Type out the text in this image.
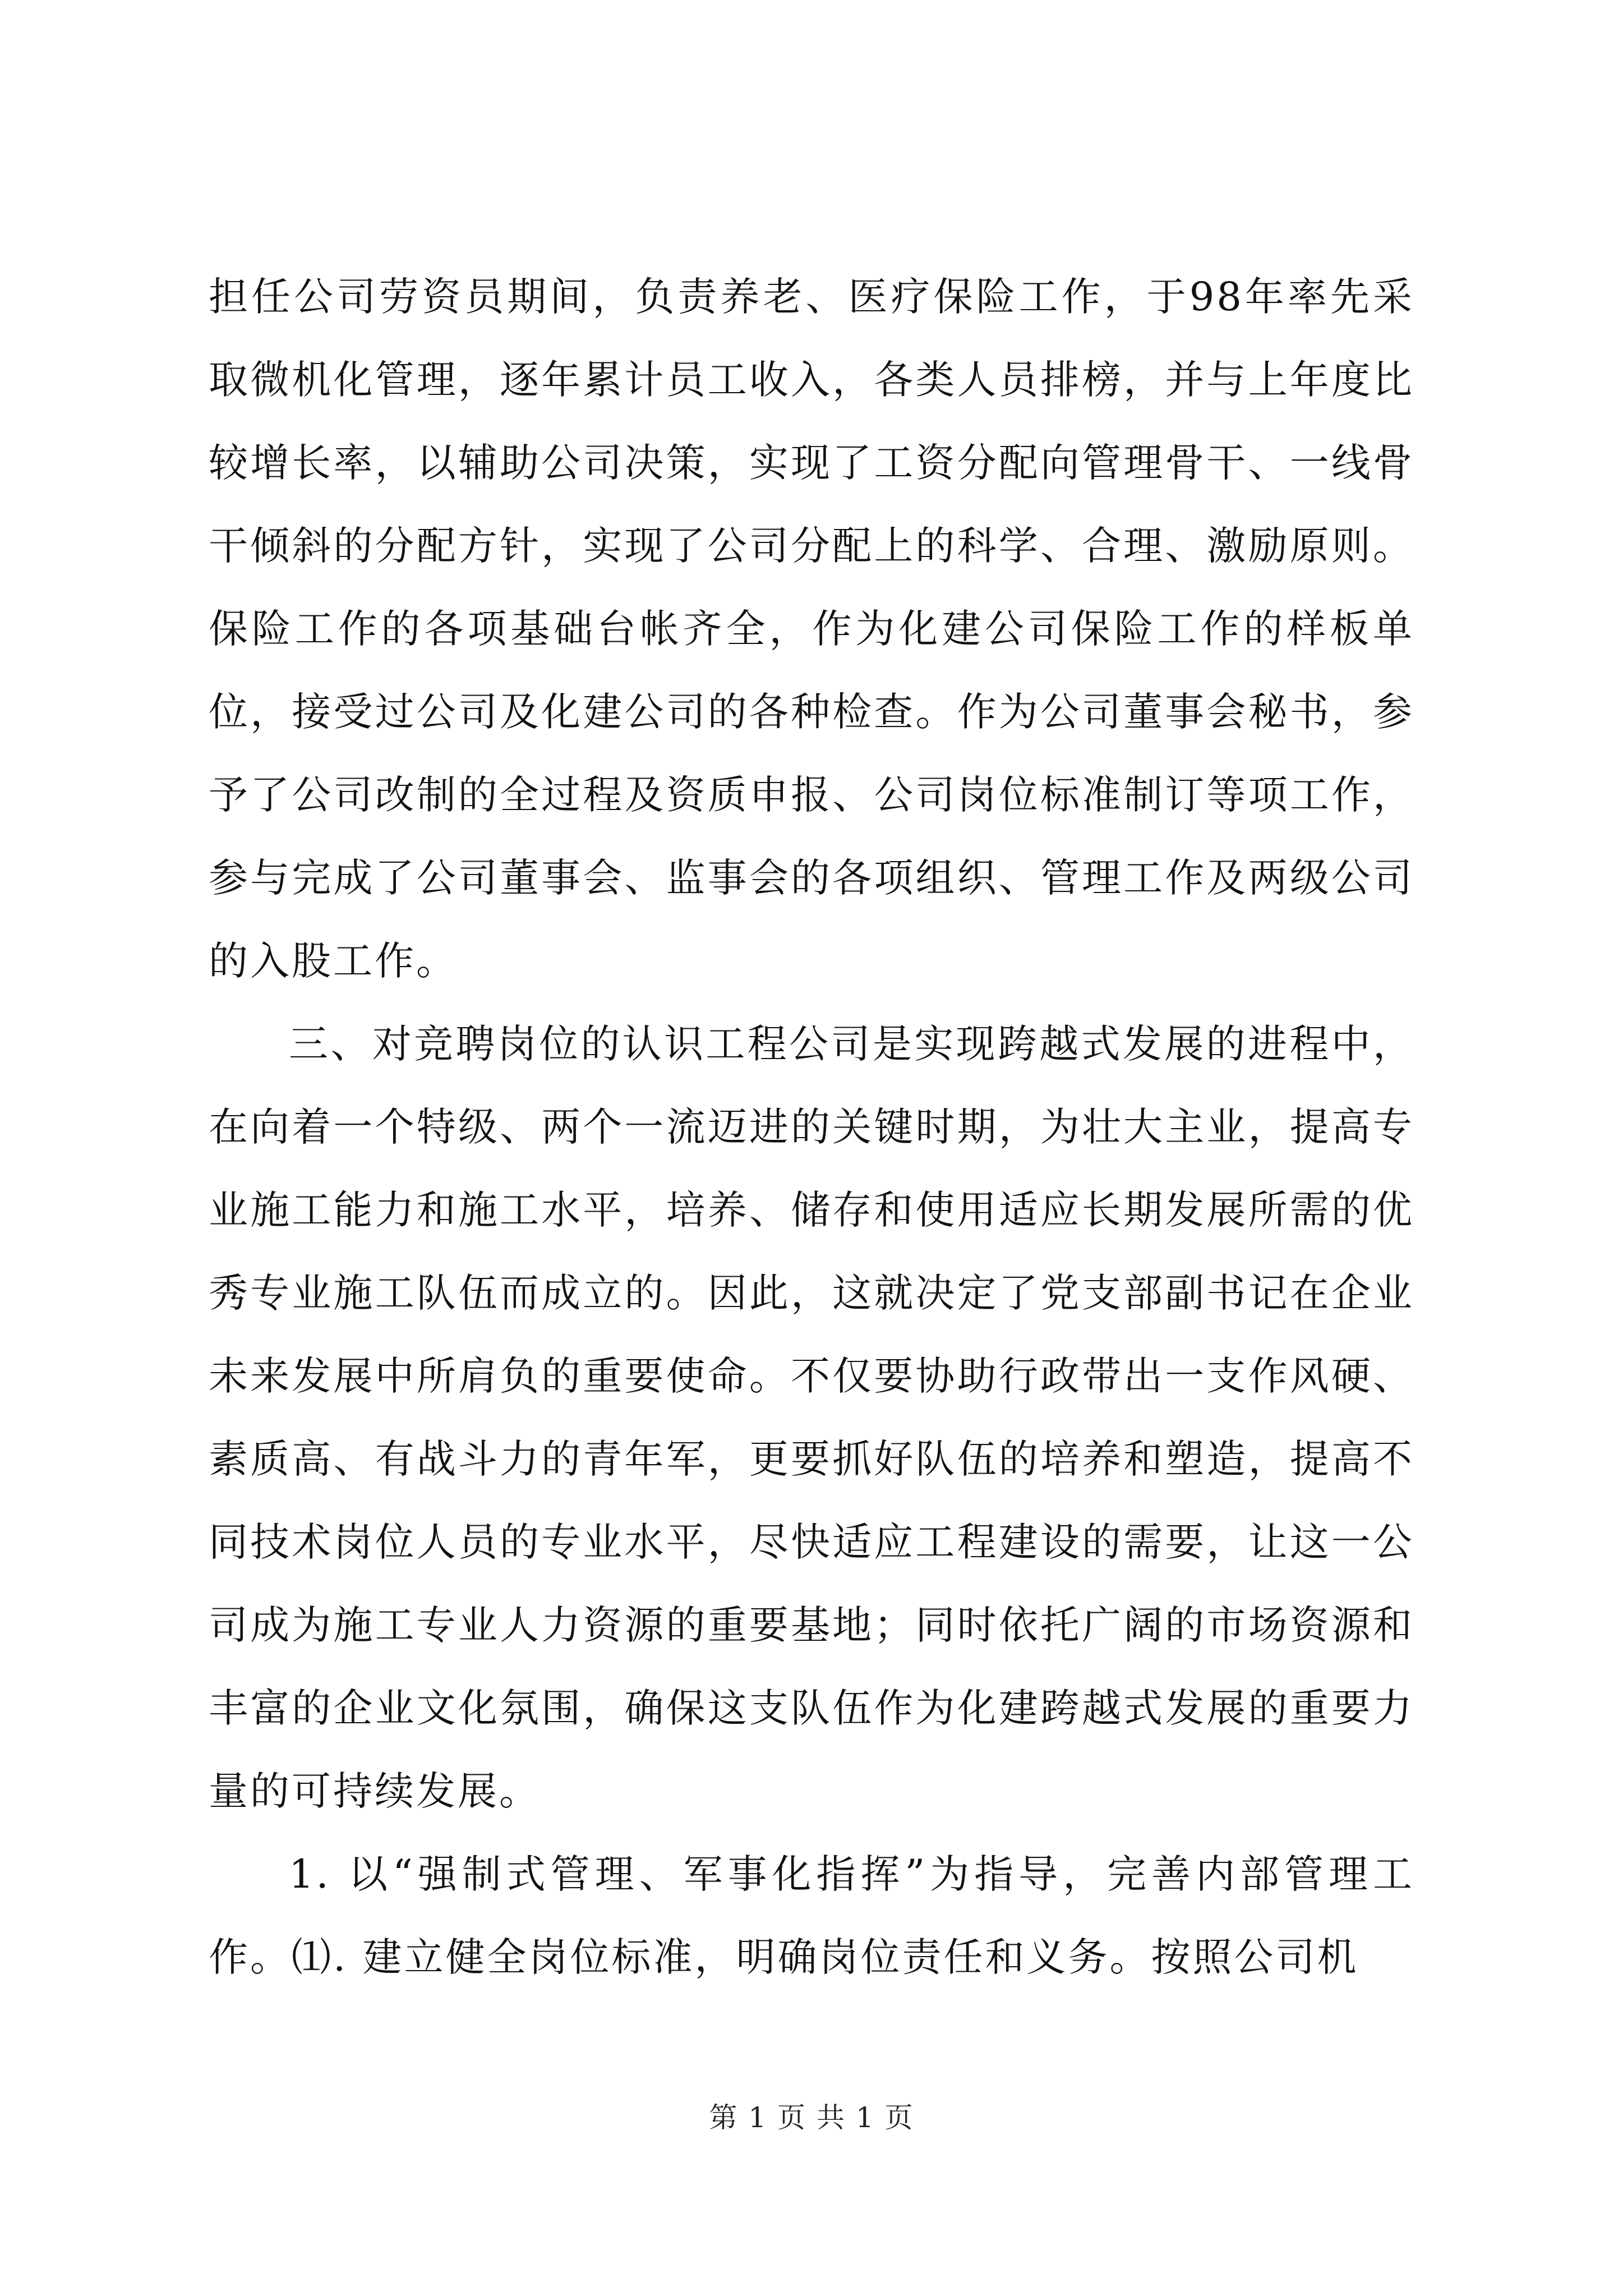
担任公司劳资员期间，负责养老、医疗保险工作，于98年率先采取微机化管理，逐年累计员工收入，各类人员排榜，并与上年度比较增长率，以辅助公司决策，实现了工资分配向管理骨干、一线骨干倾斜的分配方针，实现了公司分配上的科学、合理、激励原则。保险工作的各项基础台帐齐全，作为化建公司保险工作的样板单位，接受过公司及化建公司的各种检查。作为公司董事会秘书，参予了公司改制的全过程及资质申报、公司岗位标准制订等项工作，参与完成了公司董事会、监事会的各项组织、管理工作及两级公司的入股工作。

三、对竞聘岗位的认识工程公司是实现跨越式发展的进程中，在向着一个特级、两个一流迈进的关键时期，为壮大主业，提高专业施工能力和施工水平，培养、储存和使用适应长期发展所需的优秀专业施工队伍而成立的。因此，这就决定了党支部副书记在企业未来发展中所肩负的重要使命。不仅要协助行政带出一支作风硬、素质高、有战斗力的青年军，更要抓好队伍的培养和塑造，提高不同技术岗位人员的专业水平，尽快适应工程建设的需要，让这一公司成为施工专业人力资源的重要基地；同时依托广阔的市场资源和丰富的企业文化氛围，确保这支队伍作为化建跨越式发展的重要力量的可持续发展。

1. 以“强制式管理、军事化指挥”为指导，完善内部管理工作。⑴. 建立健全岗位标准，明确岗位责任和义务。按照公司机

第 1 页 共 1 页
